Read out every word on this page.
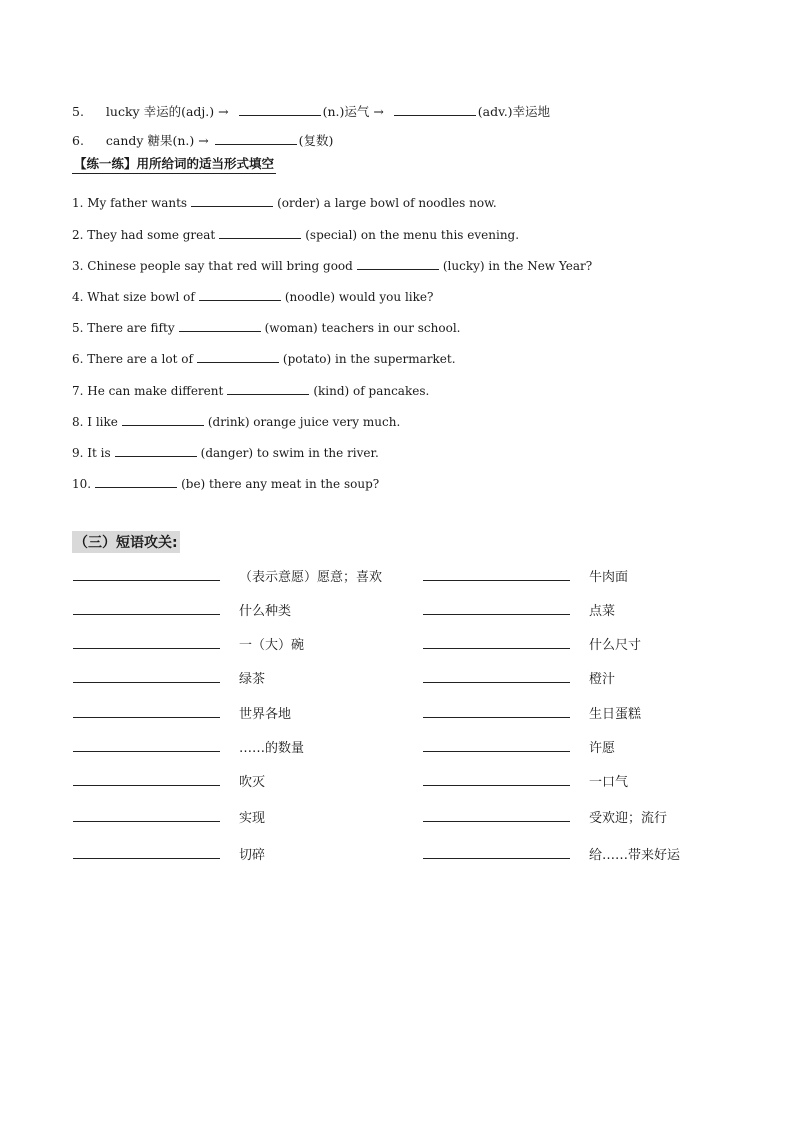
5. lucky 幸运的(adj.) →	(n.)运气 →	(adv.)幸运地
6. candy 糖果(n.) →	(复数)
【练一练】用所给词的适当形式填空
1. My father wants	(order) a large bowl of noodles now.
2. They had some great	(special) on the menu this evening.
3. Chinese people say that red will bring good	(lucky) in the New Year?
4. What size bowl of	(noodle) would you like?
5. There are fifty	(woman) teachers in our school.
6. There are a lot of	(potato) in the supermarket.
7. He can make different	(kind) of pancakes.
8. I like	(drink) orange juice very much.
9. It is	(danger) to swim in the river.
10.	(be) there any meat in the soup?
（三）短语攻关:
（表示意愿）愿意；喜欢	牛肉面
什么种类	点菜
一（大）碗	什么尺寸
绿茶	橙汁
世界各地	生日蛋糕
……的数量	许愿
吹灭	一口气
实现	受欢迎；流行
切碎	给……带来好运
